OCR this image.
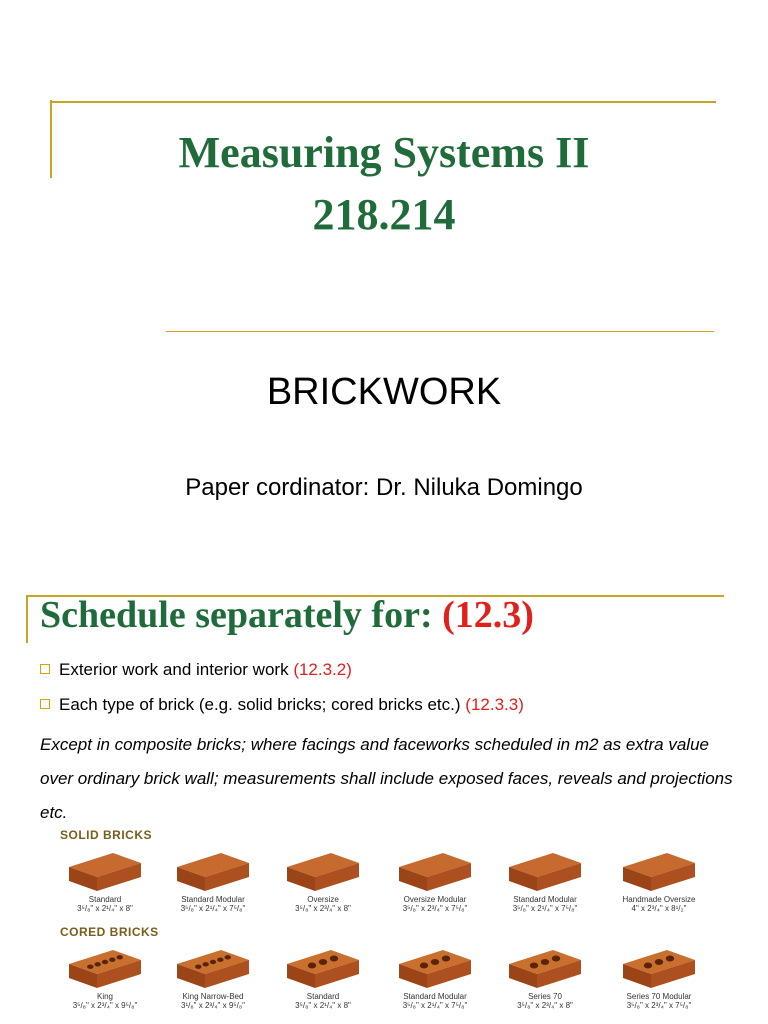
Measuring Systems II
218.214

BRICKWORK

Paper cordinator: Dr. Niluka Domingo

Schedule separately for: (12.3)
Exterior work and interior work (12.3.2)
Each type of brick (e.g. solid bricks; cored bricks etc.) (12.3.3)

Except in composite bricks; where facings and faceworks scheduled in m2 as extra value over ordinary brick wall; measurements shall include exposed faces, reveals and projections etc.

SOLID BRICKS
CORED BRICKS
Standard
3⁵/₈" x 2¹/₄" x 8"
Standard Modular
3⁵/₈" x 2¹/₄" x 7⁵/₈"
Oversize
3⁵/₈" x 2³/₄" x 8"
Oversize Modular
3⁵/₈" x 2³/₄" x 7⁵/₈"
Standard Modular
3⁵/₈" x 2¹/₄" x 7⁵/₈"
Handmade Oversize
4" x 2³/₄" x 8¹/₂"
King
3⁵/₈" x 2³/₄" x 9⁵/₈"
King Narrow-Bed
3¹/₈" x 2³/₄" x 9⁵/₈"
Standard
3⁵/₈" x 2¹/₄" x 8"
Standard Modular
3⁵/₈" x 2¹/₄" x 7⁵/₈"
Series 70
3⁵/₈" x 2³/₄" x 8"
Series 70 Modular
3⁵/₈" x 2³/₄" x 7⁵/₈"
